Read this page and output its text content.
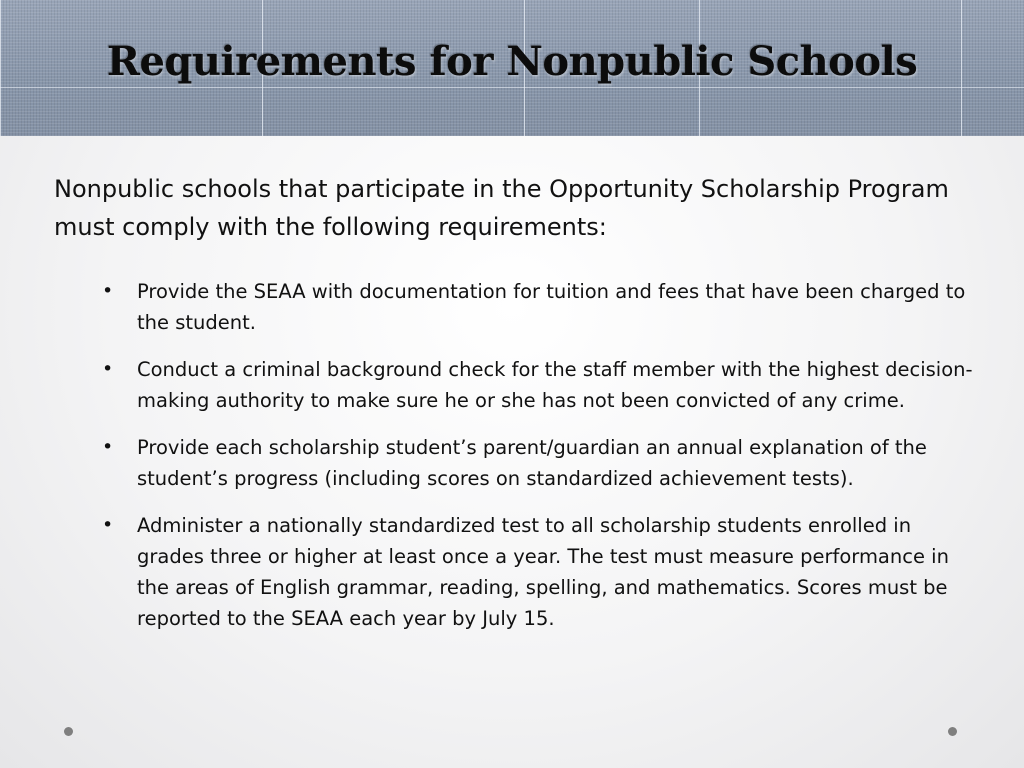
Requirements for Nonpublic Schools

Nonpublic schools that participate in the Opportunity Scholarship Program must comply with the following requirements:

• Provide the SEAA with documentation for tuition and fees that have been charged to the student.
• Conduct a criminal background check for the staff member with the highest decision-making authority to make sure he or she has not been convicted of any crime.
• Provide each scholarship student’s parent/guardian an annual explanation of the student’s progress (including scores on standardized achievement tests).
• Administer a nationally standardized test to all scholarship students enrolled in grades three or higher at least once a year. The test must measure performance in the areas of English grammar, reading, spelling, and mathematics. Scores must be reported to the SEAA each year by July 15.
